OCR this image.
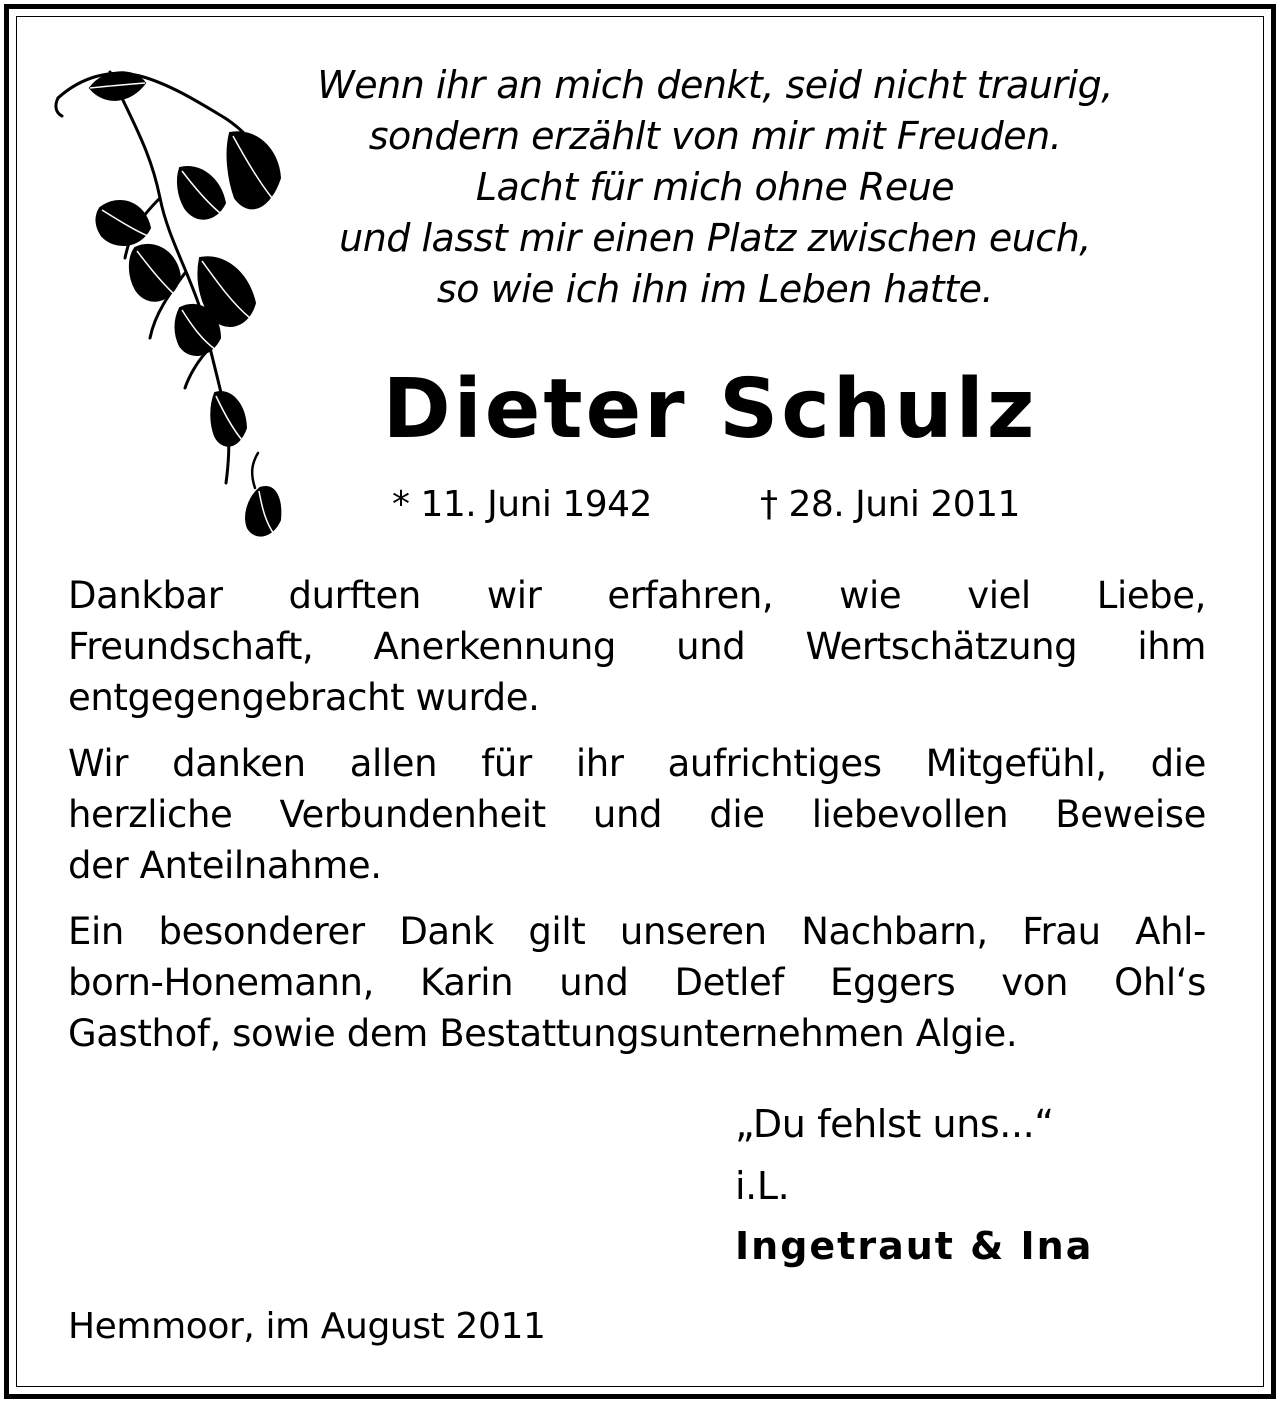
Wenn ihr an mich denkt, seid nicht traurig,
sondern erzählt von mir mit Freuden.
Lacht für mich ohne Reue
und lasst mir einen Platz zwischen euch,
so wie ich ihn im Leben hatte.
Dieter Schulz
* 11. Juni 1942	† 28. Juni 2011
Dankbar durften wir erfahren, wie viel Liebe,
Freundschaft, Anerkennung und Wertschätzung ihm
entgegengebracht wurde.
Wir danken allen für ihr aufrichtiges Mitgefühl, die
herzliche Verbundenheit und die liebevollen Beweise
der Anteilnahme.
Ein besonderer Dank gilt unseren Nachbarn, Frau Ahl-
born-Honemann, Karin und Detlef Eggers von Ohl‘s
Gasthof, sowie dem Bestattungsunternehmen Algie.
„Du fehlst uns...“
i.L.
Ingetraut & Ina
Hemmoor, im August 2011
